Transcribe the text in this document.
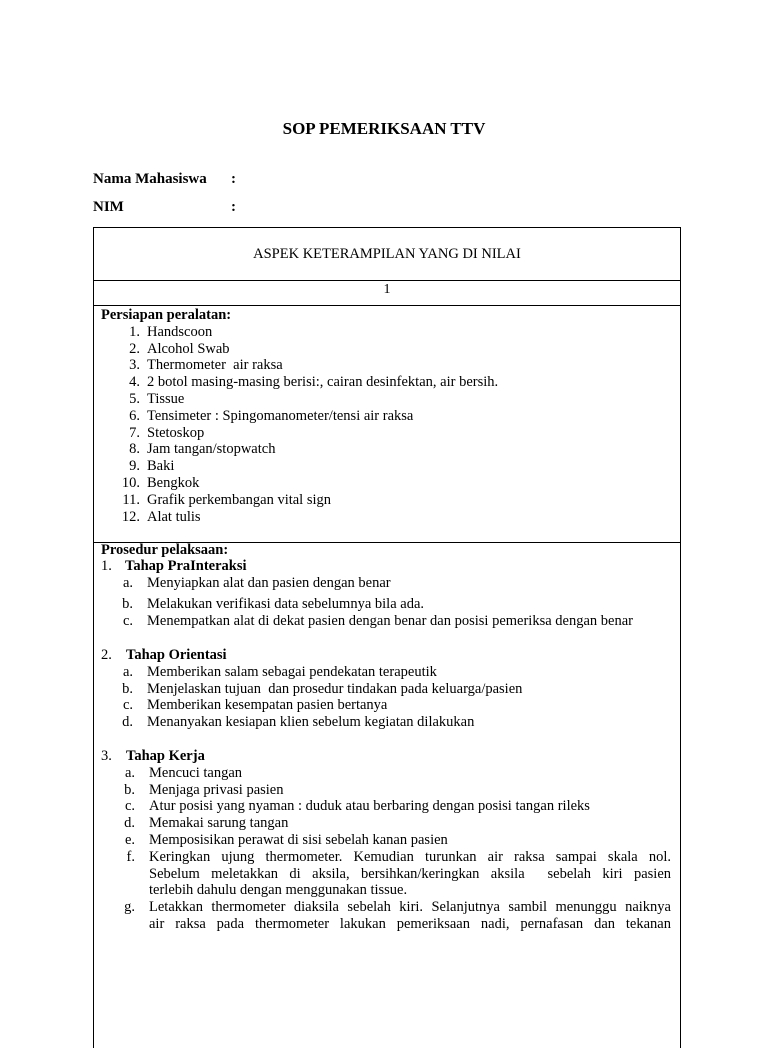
SOP PEMERIKSAAN TTV
Nama Mahasiswa :
NIM	:
ASPEK KETERAMPILAN YANG DI NILAI
1
Persiapan peralatan:
1. Handscoon
2. Alcohol Swab
3. Thermometer  air raksa
4. 2 botol masing-masing berisi:, cairan desinfektan, air bersih.
5. Tissue
6. Tensimeter : Spingomanometer/tensi air raksa
7. Stetoskop
8. Jam tangan/stopwatch
9. Baki
10. Bengkok
11. Grafik perkembangan vital sign
12. Alat tulis
Prosedur pelaksaan:
1. Tahap PraInteraksi
a. Menyiapkan alat dan pasien dengan benar
b. Melakukan verifikasi data sebelumnya bila ada.
c. Menempatkan alat di dekat pasien dengan benar dan posisi pemeriksa dengan benar
2. Tahap Orientasi
a. Memberikan salam sebagai pendekatan terapeutik
b. Menjelaskan tujuan  dan prosedur tindakan pada keluarga/pasien
c. Memberikan kesempatan pasien bertanya
d. Menanyakan kesiapan klien sebelum kegiatan dilakukan
3. Tahap Kerja
a. Mencuci tangan
b. Menjaga privasi pasien
c. Atur posisi yang nyaman : duduk atau berbaring dengan posisi tangan rileks
d. Memakai sarung tangan
e. Memposisikan perawat di sisi sebelah kanan pasien
f. Keringkan ujung thermometer. Kemudian turunkan air raksa sampai skala nol.
Sebelum meletakkan di aksila, bersihkan/keringkan aksila  sebelah kiri pasien
terlebih dahulu dengan menggunakan tissue.
g. Letakkan thermometer diaksila sebelah kiri. Selanjutnya sambil menunggu naiknya
air raksa pada thermometer lakukan pemeriksaan nadi, pernafasan dan tekanan
